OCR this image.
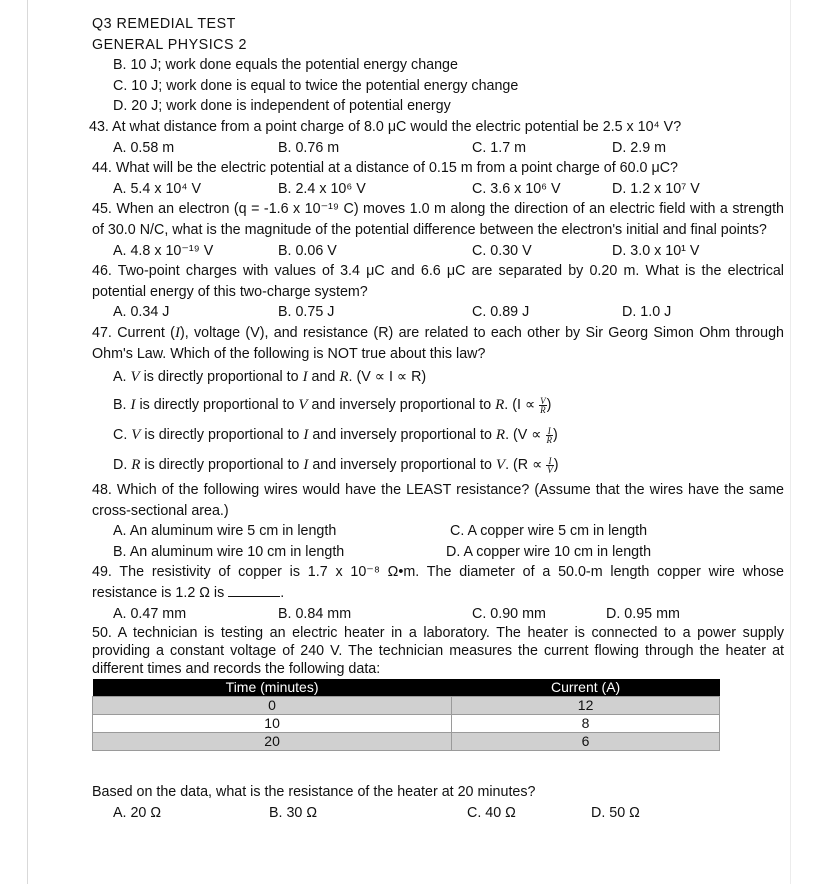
Q3 REMEDIAL TEST
GENERAL PHYSICS 2
B. 10 J; work done equals the potential energy change
C. 10 J; work done is equal to twice the potential energy change
D. 20 J; work done is independent of potential energy
43. At what distance from a point charge of 8.0 μC would the electric potential be 2.5 x 10⁴ V?
A. 0.58 m	B. 0.76 m	C. 1.7 m	D. 2.9 m
44. What will be the electric potential at a distance of 0.15 m from a point charge of 60.0 μC?
A. 5.4 x 10⁴ V	B. 2.4 x 10⁶ V	C. 3.6 x 10⁶ V	D. 1.2 x 10⁷ V
45. When an electron (q = -1.6 x 10⁻¹⁹ C) moves 1.0 m along the direction of an electric field with a strength of 30.0 N/C, what is the magnitude of the potential difference between the electron's initial and final points?
A. 4.8 x 10⁻¹⁹ V	B. 0.06 V	C. 0.30 V	D. 3.0 x 10¹ V
46. Two-point charges with values of 3.4 μC and 6.6 μC are separated by 0.20 m. What is the electrical potential energy of this two-charge system?
A. 0.34 J	B. 0.75 J	C. 0.89 J	D. 1.0 J
47. Current (I), voltage (V), and resistance (R) are related to each other by Sir Georg Simon Ohm through Ohm's Law. Which of the following is NOT true about this law?
A. V is directly proportional to I and R. (V ∝ I ∝ R)
B. I is directly proportional to V and inversely proportional to R. ($I \propto \frac{V}{R}$ )
C. V is directly proportional to I and inversely proportional to R. ($V \propto \frac{I}{R}$ )
D. R is directly proportional to I and inversely proportional to V. ($R \propto \frac{I}{V}$ )
48. Which of the following wires would have the LEAST resistance? (Assume that the wires have the same cross-sectional area.)
A. An aluminum wire 5 cm in length	C. A copper wire 5 cm in length
B. An aluminum wire 10 cm in length	D. A copper wire 10 cm in length
49. The resistivity of copper is 1.7 x 10⁻⁸ Ω•m. The diameter of a 50.0-m length copper wire whose resistance is 1.2 Ω is	.
A. 0.47 mm	B. 0.84 mm	C. 0.90 mm	D. 0.95 mm
50. A technician is testing an electric heater in a laboratory. The heater is connected to a power supply providing a constant voltage of 240 V. The technician measures the current flowing through the heater at different times and records the following data:
Time (minutes)	Current (A)
0	12
10	8
20	6
Based on the data, what is the resistance of the heater at 20 minutes?
A. 20 Ω	B. 30 Ω	C. 40 Ω	D. 50 Ω
